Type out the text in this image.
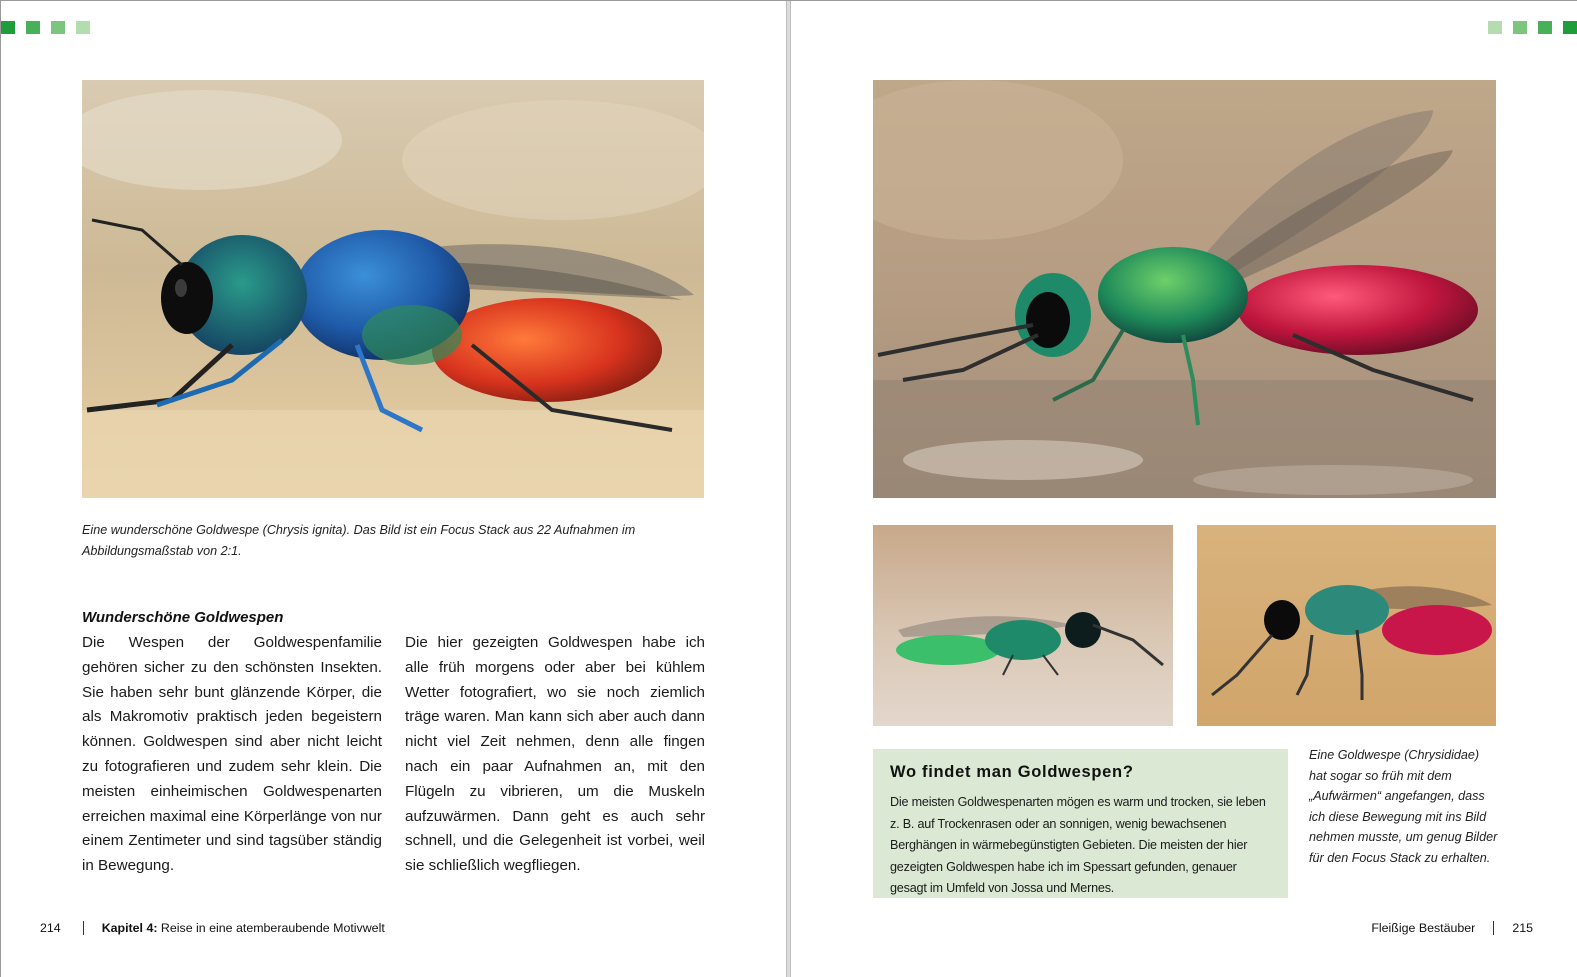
Eine wunderschöne Goldwespe (Chrysis ignita). Das Bild ist ein Focus Stack aus 22 Aufnahmen im Abbildungsmaßstab von 2:1.
Wunderschöne Goldwespen
Die Wespen der Goldwespenfamilie gehören sicher zu den schönsten Insekten. Sie haben sehr bunt glänzende Körper, die als Makromotiv praktisch jeden begeistern können. Goldwespen sind aber nicht leicht zu fotografieren und zudem sehr klein. Die meisten einheimischen Goldwespenarten erreichen maximal eine Körperlänge von nur einem Zentimeter und sind tagsüber ständig in Bewegung.
Die hier gezeigten Goldwespen habe ich alle früh morgens oder aber bei kühlem Wetter fotografiert, wo sie noch ziemlich träge waren. Man kann sich aber auch dann nicht viel Zeit nehmen, denn alle fingen nach ein paar Aufnahmen an, mit den Flügeln zu vibrieren, um die Muskeln aufzuwärmen. Dann geht es auch sehr schnell, und die Gelegenheit ist vorbei, weil sie schließlich wegfliegen.
214	Kapitel 4: Reise in eine atemberaubende Motivwelt
Wo findet man Goldwespen?
Die meisten Goldwespenarten mögen es warm und trocken, sie leben z. B. auf Trockenrasen oder an sonnigen, wenig bewachsenen Berghängen in wärmebegünstigten Gebieten. Die meisten der hier gezeigten Goldwespen habe ich im Spessart gefunden, genauer gesagt im Umfeld von Jossa und Mernes.
Eine Goldwespe (Chrysididae) hat sogar so früh mit dem „Aufwärmen“ angefangen, dass ich diese Bewegung mit ins Bild nehmen musste, um genug Bilder für den Focus Stack zu erhalten.
Fleißige Bestäuber	215
